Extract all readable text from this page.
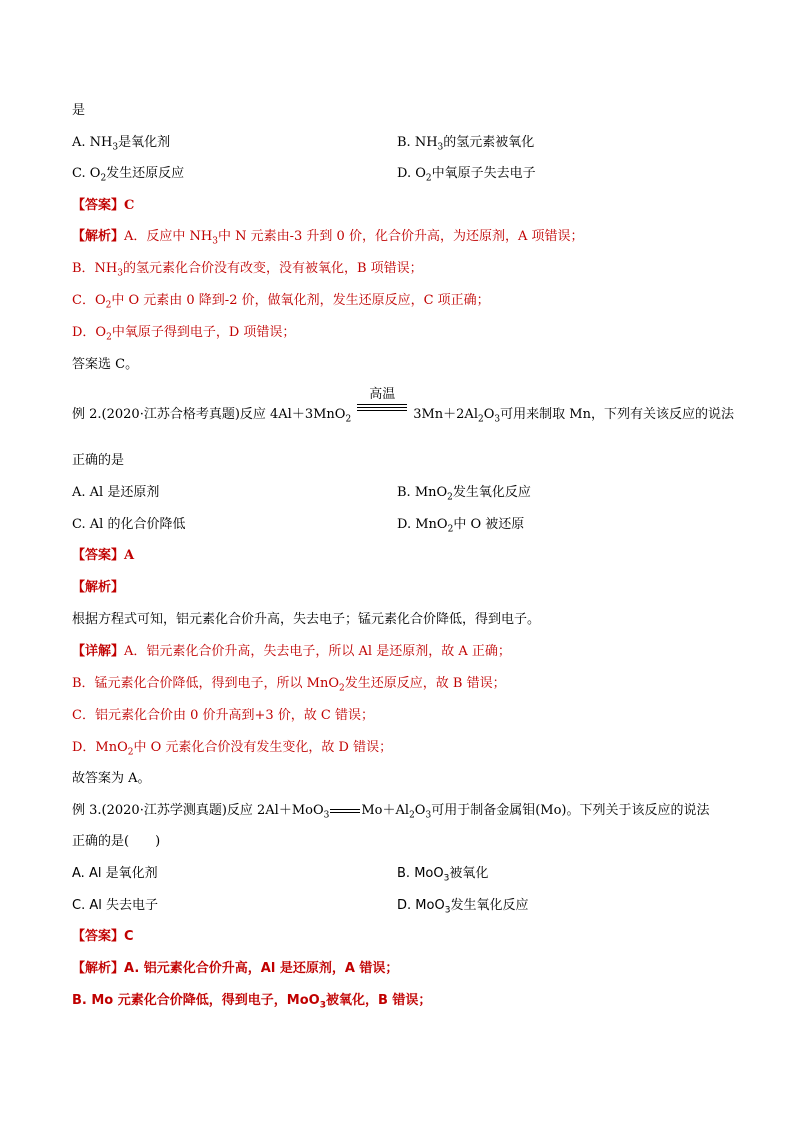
是
A. $NH_3$是氧化剂	B. $NH_3$的氢元素被氧化
C. $O_2$发生还原反应	D. $O_2$中氧原子失去电子
【答案】C
【解析】A．反应中 $NH_3$中 N 元素由-3 升到 0 价，化合价升高，为还原剂，A 项错误；
B．$NH_3$的氢元素化合价没有改变，没有被氧化，B 项错误；
C．$O_2$中 O 元素由 0 降到-2 价，做氧化剂，发生还原反应，C 项正确；
D．$O_2$中氧原子得到电子，D 项错误；
答案选 C。
例 2.(2020·江苏合格考真题)反应 4Al＋3MnO$_2$
高温
$3Mn+2Al_2O_3$可用来制取 Mn，下列有关该反应的说法
正确的是
A. Al 是还原剂	B. MnO$_2$发生氧化反应
C. Al 的化合价降低	D. MnO$_2$中 O 被还原
【答案】A
【解析】
根据方程式可知，铝元素化合价升高，失去电子；锰元素化合价降低，得到电子。
【详解】A．铝元素化合价升高，失去电子，所以 Al 是还原剂，故 A 正确；
B．锰元素化合价降低，得到电子，所以 MnO$_2$发生还原反应，故 B 错误；
C．铝元素化合价由 0 价升高到+3 价，故 C 错误；
D．MnO$_2$中 O 元素化合价没有发生变化，故 D 错误；
故答案为 A。
例 3.(2020·江苏学测真题)反应 2Al＋MoO$_3$ $Mo+Al_2O_3$可用于制备金属钼(Mo)。下列关于该反应的说法
正确的是(　　)
A. Al 是氧化剂	B. MoO$_3$被氧化
C. Al 失去电子	D. MoO$_3$发生氧化反应
【答案】C
【解析】A. 铝元素化合价升高，Al 是还原剂，A 错误；
B. Mo 元素化合价降低，得到电子，MoO$_3$被氧化，B 错误；
